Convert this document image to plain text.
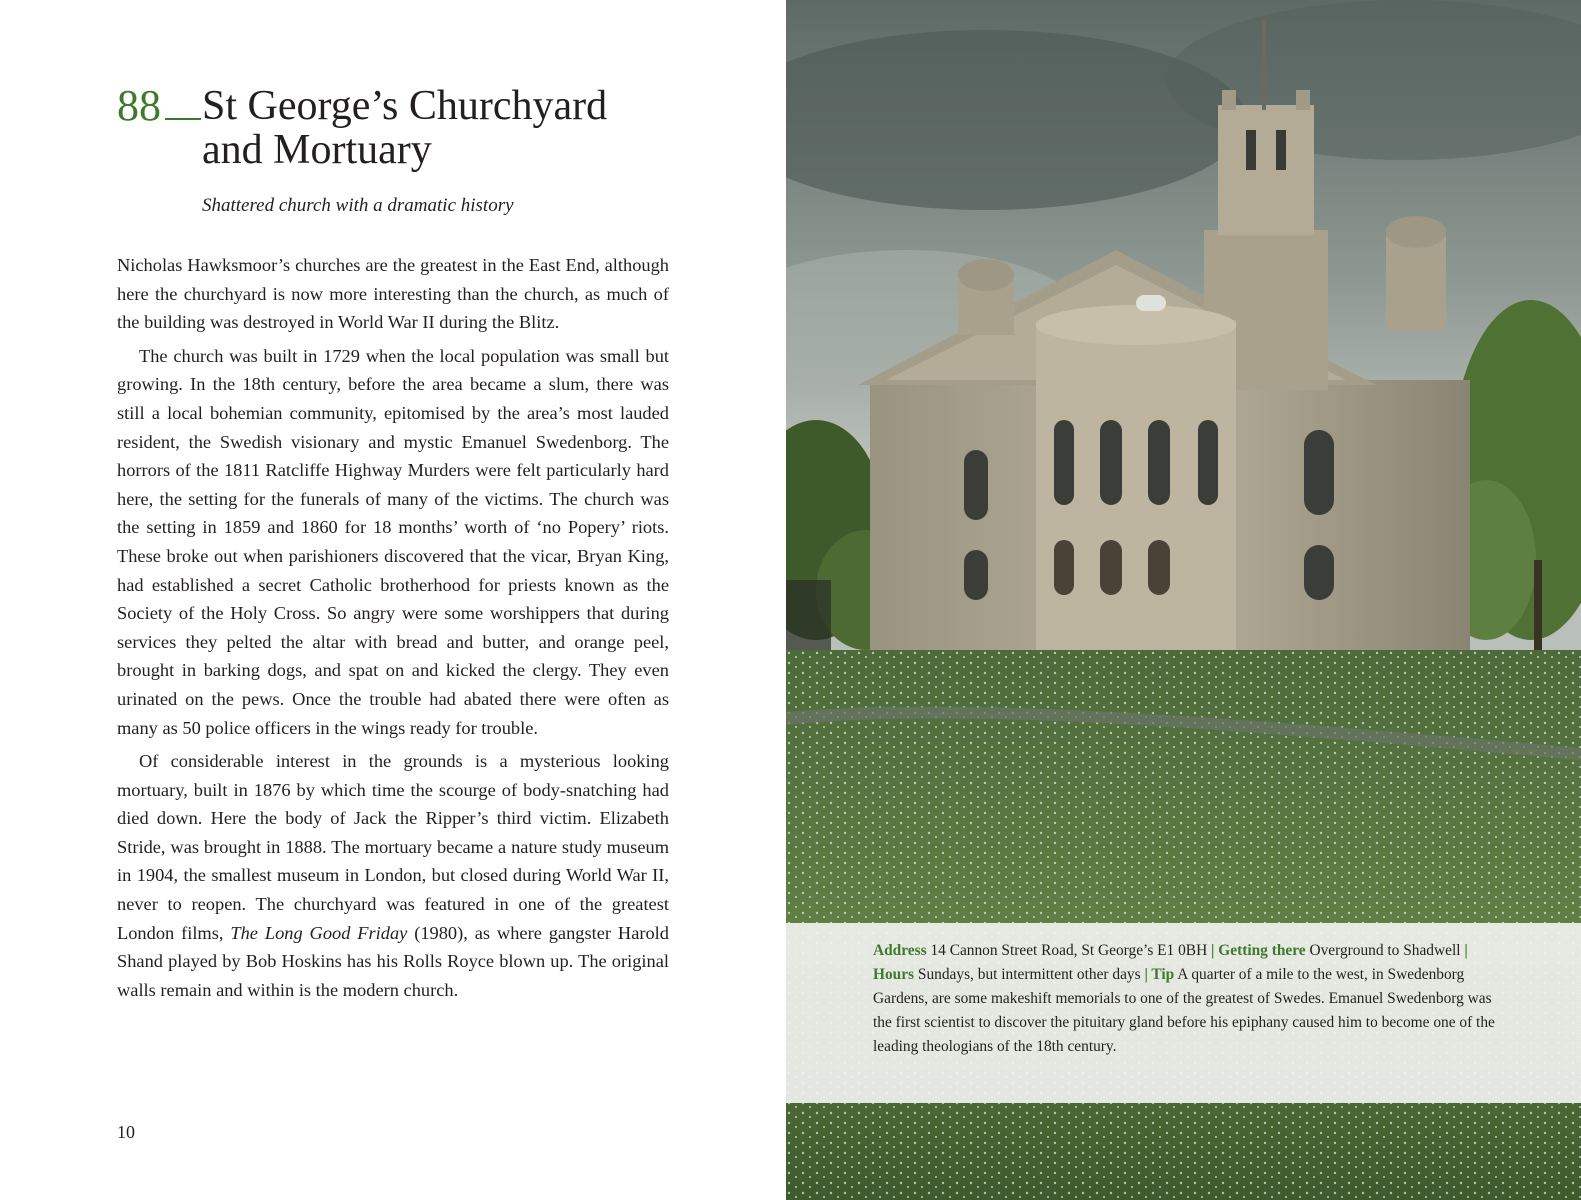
88 St George’s Churchyard
and Mortuary
Shattered church with a dramatic history

Nicholas Hawksmoor’s churches are the greatest in the East End, although here the churchyard is now more interesting than the church, as much of the building was destroyed in World War II during the Blitz.

The church was built in 1729 when the local population was small but growing. In the 18th century, before the area became a slum, there was still a local bohemian community, epitomised by the area’s most lauded resident, the Swedish visionary and mystic Emanuel Swedenborg. The horrors of the 1811 Ratcliffe Highway Murders were felt particularly hard here, the setting for the funerals of many of the victims. The church was the setting in 1859 and 1860 for 18 months’ worth of ‘no Popery’ riots. These broke out when parishioners discovered that the vicar, Bryan King, had established a secret Catholic brotherhood for priests known as the Society of the Holy Cross. So angry were some worshippers that during services they pelted the altar with bread and butter, and orange peel, brought in barking dogs, and spat on and kicked the clergy. They even urinated on the pews. Once the trouble had abated there were often as many as 50 police officers in the wings ready for trouble.

Of considerable interest in the grounds is a mysterious looking mortuary, built in 1876 by which time the scourge of body-snatching had died down. Here the body of Jack the Ripper’s third victim. Elizabeth Stride, was brought in 1888. The mortuary became a nature study museum in 1904, the smallest museum in London, but closed during World War II, never to reopen. The churchyard was featured in one of the greatest London films, The Long Good Friday (1980), as where gangster Harold Shand played by Bob Hoskins has his Rolls Royce blown up. The original walls remain and within is the modern church.

10
Address 14 Cannon Street Road, St George’s E1 0BH | Getting there Overground to Shadwell | Hours Sundays, but intermittent other days | Tip A quarter of a mile to the west, in Swedenborg Gardens, are some makeshift memorials to one of the greatest of Swedes. Emanuel Swedenborg was the first scientist to discover the pituitary gland before his epiphany caused him to become one of the leading theologians of the 18th century.
